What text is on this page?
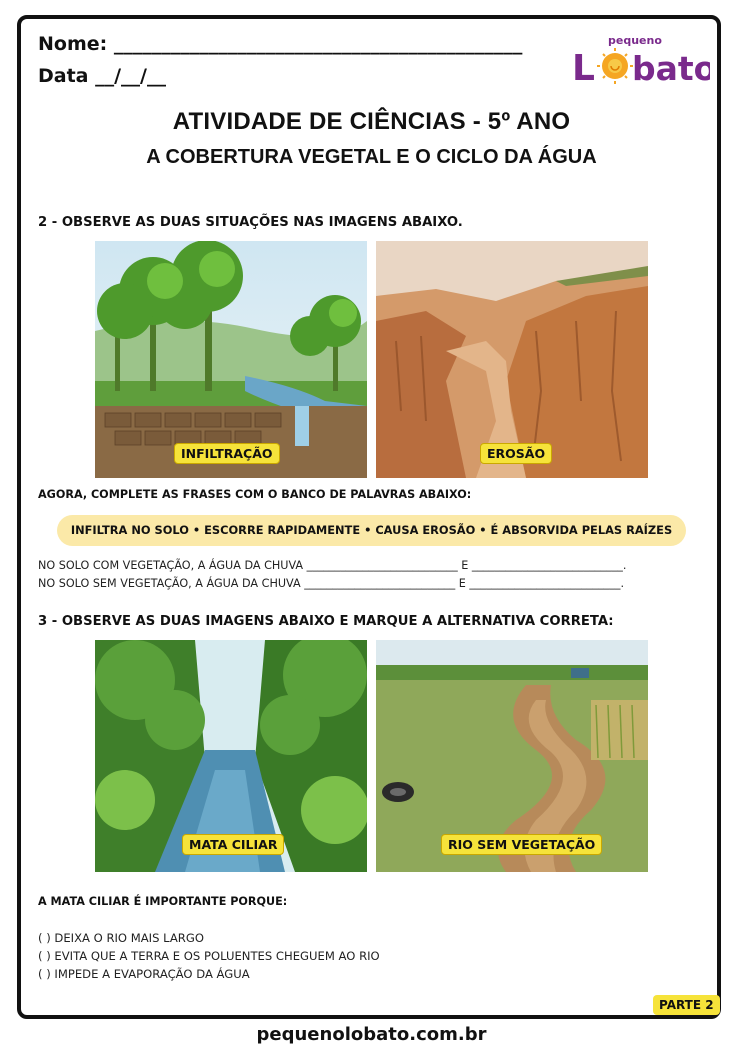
Nome: ___________________________________________
Data __/__/__
pequeno
L bato
ATIVIDADE DE CIÊNCIAS - 5º ANO
A COBERTURA VEGETAL E O CICLO DA ÁGUA
2 - OBSERVE AS DUAS SITUAÇÕES NAS IMAGENS ABAIXO.
INFILTRAÇÃO	EROSÃO
AGORA, COMPLETE AS FRASES COM O BANCO DE PALAVRAS ABAIXO:
INFILTRA NO SOLO • ESCORRE RAPIDAMENTE • CAUSA EROSÃO • É ABSORVIDA PELAS RAÍZES
NO SOLO COM VEGETAÇÃO, A ÁGUA DA CHUVA ___________________________ E ___________________________.
NO SOLO SEM VEGETAÇÃO, A ÁGUA DA CHUVA ___________________________ E ___________________________.
3 - OBSERVE AS DUAS IMAGENS ABAIXO E MARQUE A ALTERNATIVA CORRETA:
MATA CILIAR	RIO SEM VEGETAÇÃO
A MATA CILIAR É IMPORTANTE PORQUE:
( ) DEIXA O RIO MAIS LARGO
( ) EVITA QUE A TERRA E OS POLUENTES CHEGUEM AO RIO
( ) IMPEDE A EVAPORAÇÃO DA ÁGUA
PARTE 2
pequenolobato.com.br
